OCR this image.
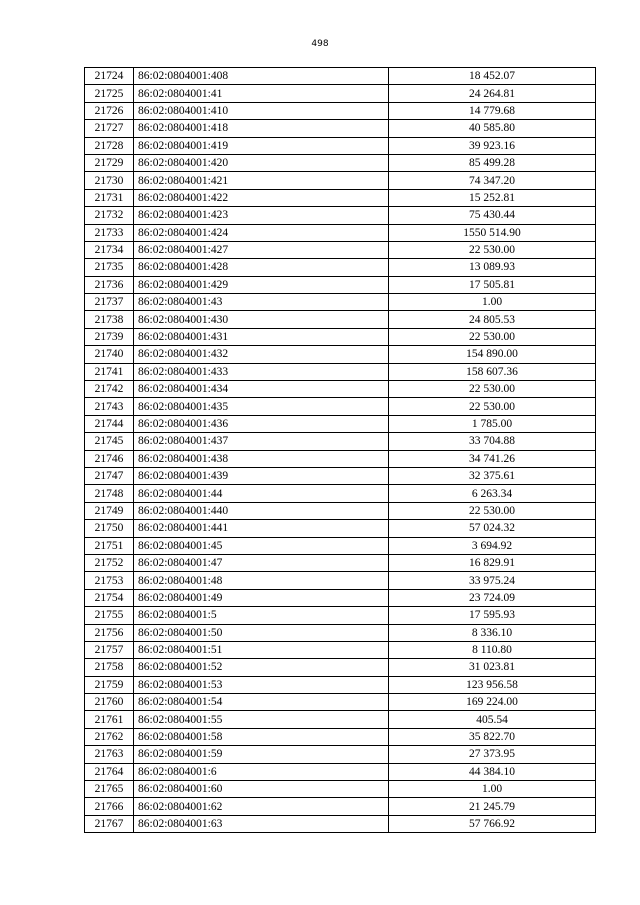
498
21724	86:02:0804001:408	18 452.07
21725	86:02:0804001:41	24 264.81
21726	86:02:0804001:410	14 779.68
21727	86:02:0804001:418	40 585.80
21728	86:02:0804001:419	39 923.16
21729	86:02:0804001:420	85 499.28
21730	86:02:0804001:421	74 347.20
21731	86:02:0804001:422	15 252.81
21732	86:02:0804001:423	75 430.44
21733	86:02:0804001:424	1550 514.90
21734	86:02:0804001:427	22 530.00
21735	86:02:0804001:428	13 089.93
21736	86:02:0804001:429	17 505.81
21737	86:02:0804001:43	1.00
21738	86:02:0804001:430	24 805.53
21739	86:02:0804001:431	22 530.00
21740	86:02:0804001:432	154 890.00
21741	86:02:0804001:433	158 607.36
21742	86:02:0804001:434	22 530.00
21743	86:02:0804001:435	22 530.00
21744	86:02:0804001:436	1 785.00
21745	86:02:0804001:437	33 704.88
21746	86:02:0804001:438	34 741.26
21747	86:02:0804001:439	32 375.61
21748	86:02:0804001:44	6 263.34
21749	86:02:0804001:440	22 530.00
21750	86:02:0804001:441	57 024.32
21751	86:02:0804001:45	3 694.92
21752	86:02:0804001:47	16 829.91
21753	86:02:0804001:48	33 975.24
21754	86:02:0804001:49	23 724.09
21755	86:02:0804001:5	17 595.93
21756	86:02:0804001:50	8 336.10
21757	86:02:0804001:51	8 110.80
21758	86:02:0804001:52	31 023.81
21759	86:02:0804001:53	123 956.58
21760	86:02:0804001:54	169 224.00
21761	86:02:0804001:55	405.54
21762	86:02:0804001:58	35 822.70
21763	86:02:0804001:59	27 373.95
21764	86:02:0804001:6	44 384.10
21765	86:02:0804001:60	1.00
21766	86:02:0804001:62	21 245.79
21767	86:02:0804001:63	57 766.92
